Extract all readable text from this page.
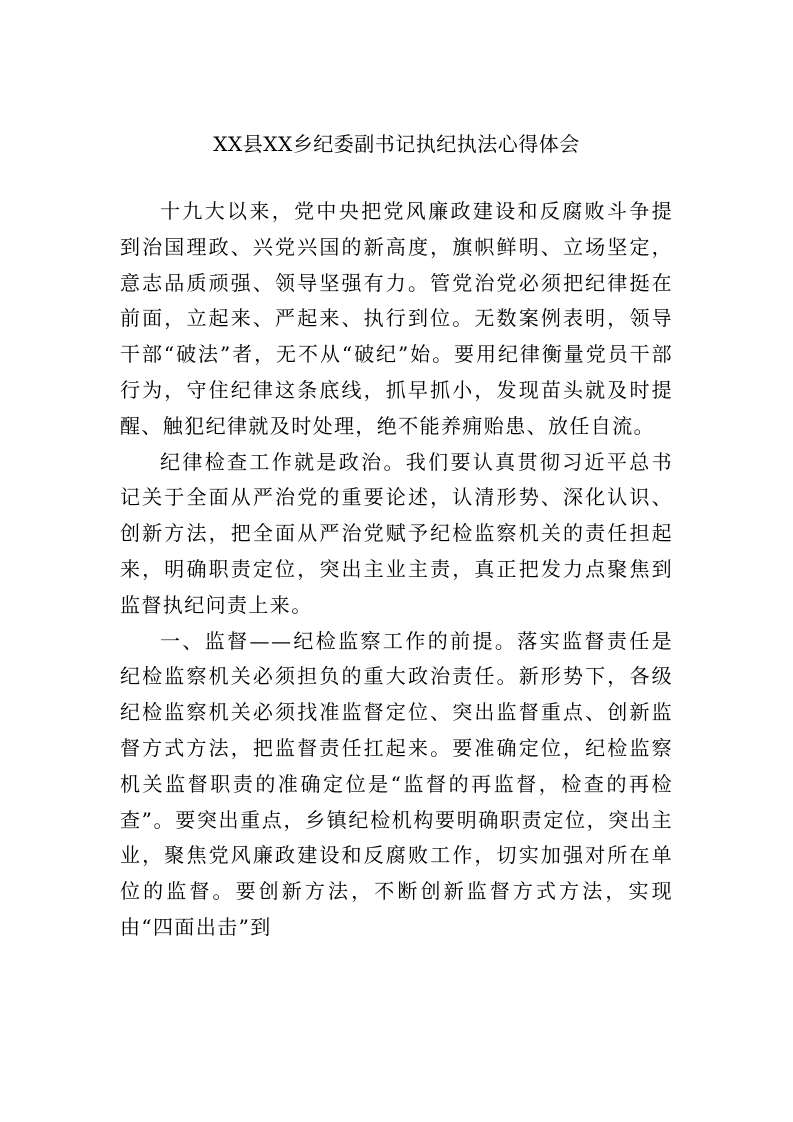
XX县XX乡纪委副书记执纪执法心得体会

十九大以来，党中央把党风廉政建设和反腐败斗争提到治国理政、兴党兴国的新高度，旗帜鲜明、立场坚定，意志品质顽强、领导坚强有力。管党治党必须把纪律挺在前面，立起来、严起来、执行到位。无数案例表明，领导干部“破法”者，无不从“破纪”始。要用纪律衡量党员干部行为，守住纪律这条底线，抓早抓小，发现苗头就及时提醒、触犯纪律就及时处理，绝不能养痈贻患、放任自流。

纪律检查工作就是政治。我们要认真贯彻习近平总书记关于全面从严治党的重要论述，认清形势、深化认识、创新方法，把全面从严治党赋予纪检监察机关的责任担起来，明确职责定位，突出主业主责，真正把发力点聚焦到监督执纪问责上来。

一、监督——纪检监察工作的前提。落实监督责任是纪检监察机关必须担负的重大政治责任。新形势下，各级纪检监察机关必须找准监督定位、突出监督重点、创新监督方式方法，把监督责任扛起来。要准确定位，纪检监察机关监督职责的准确定位是“监督的再监督，检查的再检查”。要突出重点，乡镇纪检机构要明确职责定位，突出主业，聚焦党风廉政建设和反腐败工作，切实加强对所在单位的监督。要创新方法，不断创新监督方式方法，实现由“四面出击”到
